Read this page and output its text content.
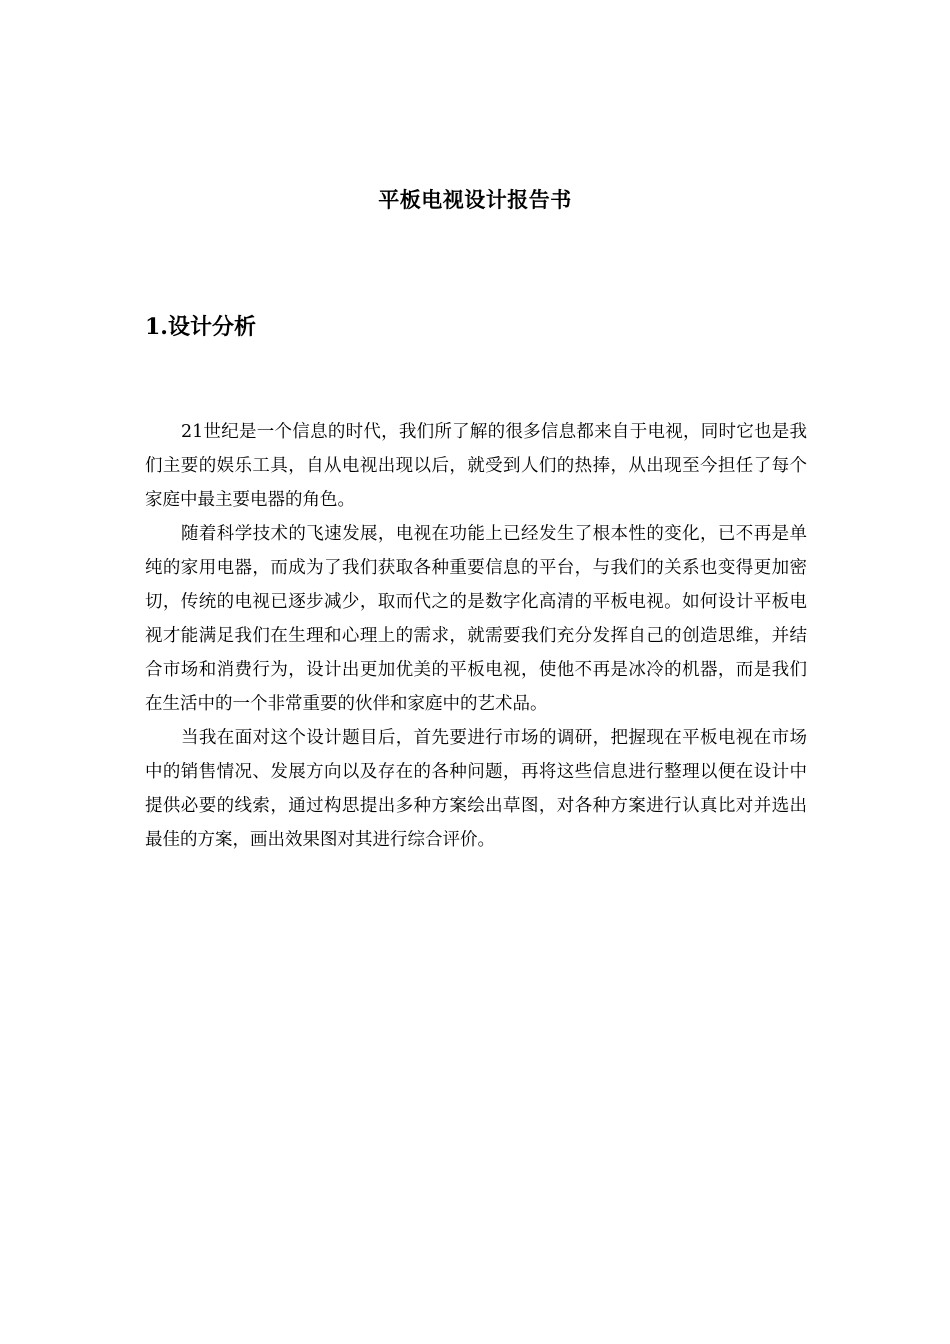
平板电视设计报告书
1.设计分析

21世纪是一个信息的时代，我们所了解的很多信息都来自于电视，同时它也是我们主要的娱乐工具，自从电视出现以后，就受到人们的热捧，从出现至今担任了每个家庭中最主要电器的角色。

随着科学技术的飞速发展，电视在功能上已经发生了根本性的变化，已不再是单纯的家用电器，而成为了我们获取各种重要信息的平台，与我们的关系也变得更加密切，传统的电视已逐步减少，取而代之的是数字化高清的平板电视。如何设计平板电视才能满足我们在生理和心理上的需求，就需要我们充分发挥自己的创造思维，并结合市场和消费行为，设计出更加优美的平板电视，使他不再是冰冷的机器，而是我们在生活中的一个非常重要的伙伴和家庭中的艺术品。

当我在面对这个设计题目后，首先要进行市场的调研，把握现在平板电视在市场中的销售情况、发展方向以及存在的各种问题，再将这些信息进行整理以便在设计中提供必要的线索，通过构思提出多种方案绘出草图，对各种方案进行认真比对并选出最佳的方案，画出效果图对其进行综合评价。
